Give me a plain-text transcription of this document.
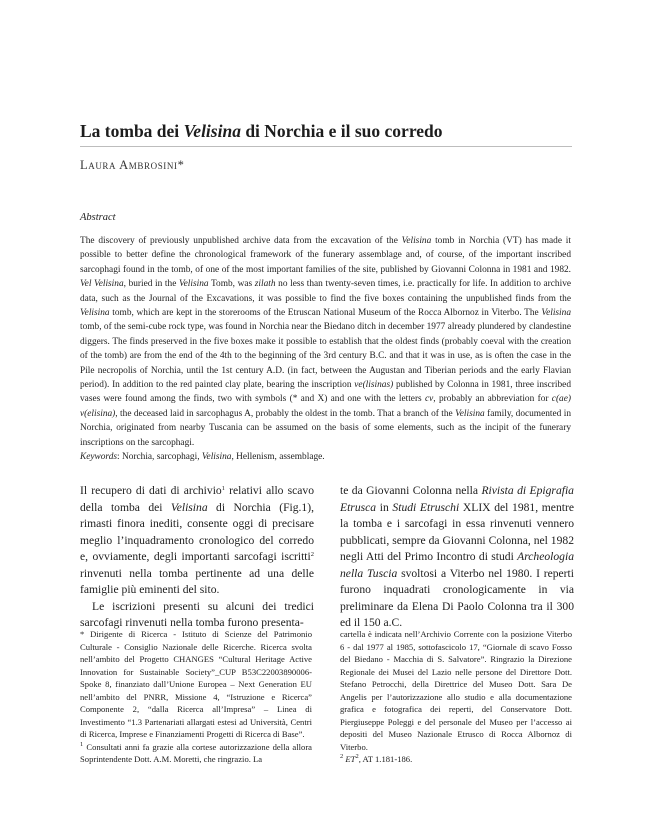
La tomba dei Velisina di Norchia e il suo corredo
Laura Ambrosini*
Abstract

The discovery of previously unpublished archive data from the excavation of the Velisina tomb in Norchia (VT) has made it possible to better define the chronological framework of the funerary assemblage and, of course, of the important inscribed sarcophagi found in the tomb, of one of the most important families of the site, published by Giovanni Colonna in 1981 and 1982. Vel Velisina, buried in the Velisina Tomb, was zilath no less than twenty-seven times, i.e. practically for life. In addition to archive data, such as the Journal of the Excavations, it was possible to find the five boxes containing the unpublished finds from the Velisina tomb, which are kept in the storerooms of the Etruscan National Museum of the Rocca Albornoz in Viterbo. The Velisina tomb, of the semi-cube rock type, was found in Norchia near the Biedano ditch in december 1977 already plundered by clandestine diggers. The finds preserved in the five boxes make it possible to establish that the oldest finds (probably coeval with the creation of the tomb) are from the end of the 4th to the beginning of the 3rd century B.C. and that it was in use, as is often the case in the Pile necropolis of Norchia, until the 1st century A.D. (in fact, between the Augustan and Tiberian periods and the early Flavian period). In addition to the red painted clay plate, bearing the inscription ve(lisinas) published by Colonna in 1981, three inscribed vases were found among the finds, two with symbols (* and X) and one with the letters cv, probably an abbreviation for c(ae) v(elisina), the deceased laid in sarcophagus A, probably the oldest in the tomb. That a branch of the Velisina family, documented in Norchia, originated from nearby Tuscania can be assumed on the basis of some elements, such as the incipit of the funerary inscriptions on the sarcophagi.

Keywords: Norchia, sarcophagi, Velisina, Hellenism, assemblage.

Il recupero di dati di archivio$^1$ relativi allo scavo della tomba dei Velisina di Norchia (Fig.1), rimasti finora inediti, consente oggi di precisare meglio l’inquadramento cronologico del corredo e, ovviamente, degli importanti sarcofagi iscritti$^2$ rinvenuti nella tomba pertinente ad una delle famiglie più eminenti del sito.

Le iscrizioni presenti su alcuni dei tredici sarcofagi rinvenuti nella tomba furono presenta-

te da Giovanni Colonna nella Rivista di Epigrafia Etrusca in Studi Etruschi XLIX del 1981, mentre la tomba e i sarcofagi in essa rinvenuti vennero pubblicati, sempre da Giovanni Colonna, nel 1982 negli Atti del Primo Incontro di studi Archeologia nella Tuscia svoltosi a Viterbo nel 1980. I reperti furono inquadrati cronologicamente in via preliminare da Elena Di Paolo Colonna tra il 300 ed il 150 a.C.

* Dirigente di Ricerca - Istituto di Scienze del Patrimonio Culturale - Consiglio Nazionale delle Ricerche. Ricerca svolta nell’ambito del Progetto CHANGES “Cultural Heritage Active Innovation for Sustainable Society”_CUP B53C22003890006- Spoke 8, finanziato dall’Unione Europea – Next Generation EU nell’ambito del PNRR, Missione 4, “Istruzione e Ricerca” Componente 2, “dalla Ricerca all’Impresa” – Linea di Investimento “1.3 Partenariati allargati estesi ad Università, Centri di Ricerca, Imprese e Finanziamenti Progetti di Ricerca di Base”.

$^1$ Consultati anni fa grazie alla cortese autorizzazione della allora Soprintendente Dott. A.M. Moretti, che ringrazio. La

cartella è indicata nell’Archivio Corrente con la posizione Viterbo 6 - dal 1977 al 1985, sottofascicolo 17, “Giornale di scavo Fosso del Biedano - Macchia di S. Salvatore”. Ringrazio la Direzione Regionale dei Musei del Lazio nelle persone del Direttore Dott. Stefano Petrocchi, della Direttrice del Museo Dott. Sara De Angelis per l’autorizzazione allo studio e alla documentazione grafica e fotografica dei reperti, del Conservatore Dott. Piergiuseppe Poleggi e del personale del Museo per l’accesso ai depositi del Museo Nazionale Etrusco di Rocca Albornoz di Viterbo.

$^2$ $ET^2$, AT 1.181-186.
